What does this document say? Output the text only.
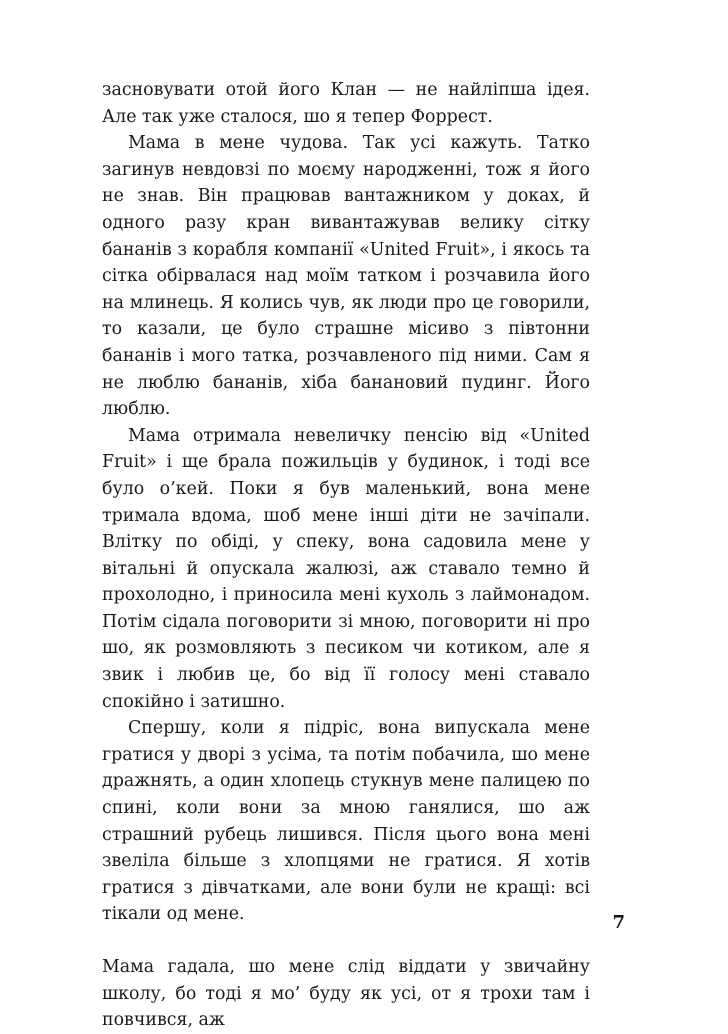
засновувати отой його Клан — не найліпша ідея. Але так уже сталося, шо я тепер Форрест.

Мама в мене чудова. Так усі кажуть. Татко загинув невдовзі по моєму народженні, тож я його не знав. Він працював вантажником у доках, й одного разу кран вивантажував велику сітку бананів з корабля компанії «United Fruit», і якось та сітка обірвалася над моїм татком і розчавила його на млинець. Я колись чув, як люди про це говорили, то казали, це було страшне місиво з півтонни бананів і мого татка, розчавленого під ними. Сам я не люблю бананів, хіба банановий пудинг. Його люблю.

Мама отримала невеличку пенсію від «United Fruit» і ще брала пожильців у будинок, і тоді все було о’кей. Поки я був маленький, вона мене тримала вдома, шоб мене інші діти не зачіпали. Влітку по обіді, у спеку, вона садовила мене у вітальні й опускала жалюзі, аж ставало темно й прохолодно, і приносила мені кухоль з лаймонадом. Потім сідала поговорити зі мною, поговорити ні про шо, як розмовляють з песиком чи котиком, але я звик і любив це, бо від її голосу мені ставало спокійно і затишно.

Спершу, коли я підріс, вона випускала мене гратися у дворі з усіма, та потім побачила, шо мене дражнять, а один хлопець стукнув мене палицею по спині, коли вони за мною ганялися, шо аж страшний рубець лишився. Після цього вона мені звеліла більше з хлопцями не гратися. Я хотів гратися з дівчатками, але вони були не кращі: всі тікали од мене.

Мама гадала, шо мене слід віддати у звичайну школу, бо тоді я мо’ буду як усі, от я трохи там і повчився, аж

7
